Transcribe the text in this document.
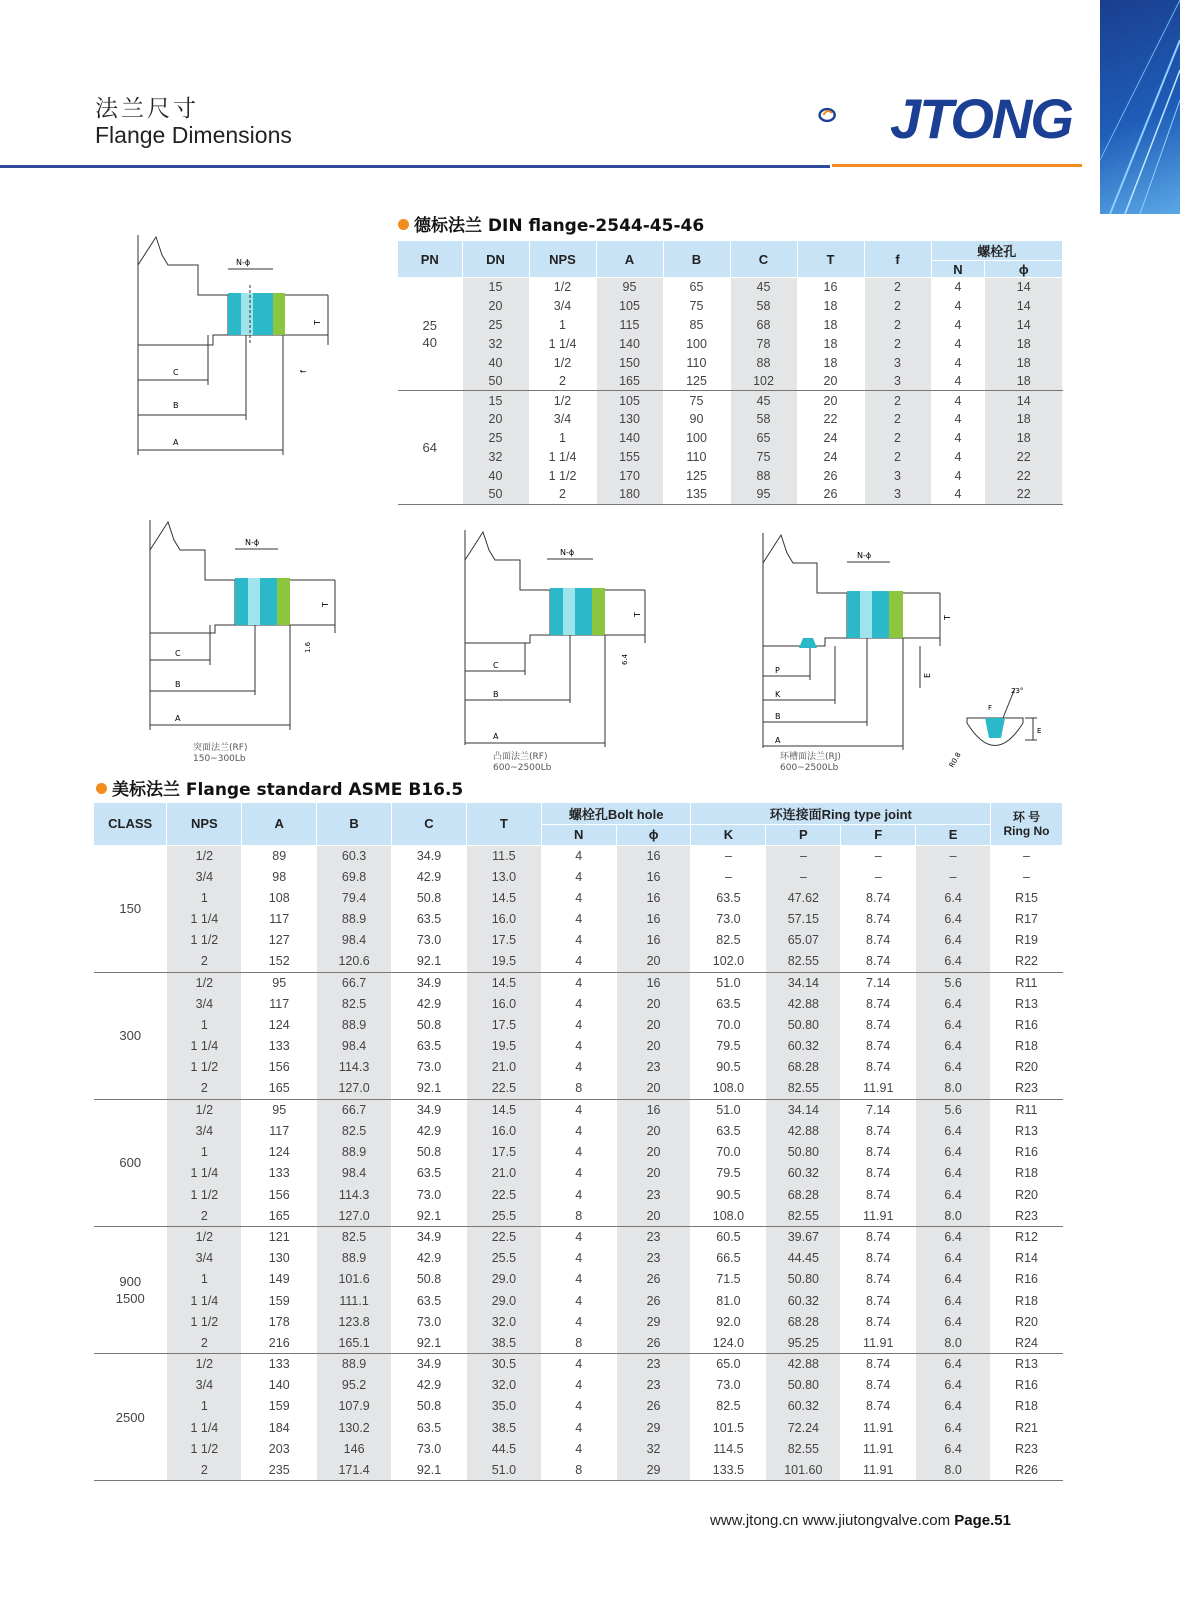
法兰尺寸
Flange Dimensions	JTONG
德标法兰 DIN flange-2544-45-46
N-ϕ
T
f
C
B
A
PN	DN	NPS	A	B	C	T	f	螺栓孔	
								N	ϕ

25
40	15	1/2	95	65	45	16	2	4	14
	20	3/4	105	75	58	18	2	4	14
	25	1	115	85	68	18	2	4	14
	32	1 1/4	140	100	78	18	2	4	18
	40	1/2	150	110	88	18	3	4	18
	50	2	165	125	102	20	3	4	18

64	15	1/2	105	75	45	20	2	4	14
	20	3/4	130	90	58	22	2	4	18
	25	1	140	100	65	24	2	4	18
	32	1 1/4	155	110	75	24	2	4	22
	40	1 1/2	170	125	88	26	3	4	22
	50	2	180	135	95	26	3	4	22
N-ϕ
T
1.6
C
B
A
突面法兰(RF)
150~300Lb
N-ϕ
T
6.4
C
B
A
凸面法兰(RF)
600~2500Lb
N-ϕ
T
E
P
K
B
A
F
23°
E
R0.8
环槽面法兰(RJ)
600~2500Lb
美标法兰 Flange standard ASME B16.5
CLASS	NPS	A	B	C	T	螺栓孔Bolt hole		环连接面Ring type joint				环 号
Ring No

						N	ϕ	K	P	F	E	

150	1/2	89	60.3	34.9	11.5	4	16	–	–	–	–	–
	3/4	98	69.8	42.9	13.0	4	16	–	–	–	–	–
	1	108	79.4	50.8	14.5	4	16	63.5	47.62	8.74	6.4	R15
	1 1/4	117	88.9	63.5	16.0	4	16	73.0	57.15	8.74	6.4	R17
	1 1/2	127	98.4	73.0	17.5	4	16	82.5	65.07	8.74	6.4	R19
	2	152	120.6	92.1	19.5	4	20	102.0	82.55	8.74	6.4	R22

300	1/2	95	66.7	34.9	14.5	4	16	51.0	34.14	7.14	5.6	R11
	3/4	117	82.5	42.9	16.0	4	20	63.5	42.88	8.74	6.4	R13
	1	124	88.9	50.8	17.5	4	20	70.0	50.80	8.74	6.4	R16
	1 1/4	133	98.4	63.5	19.5	4	20	79.5	60.32	8.74	6.4	R18
	1 1/2	156	114.3	73.0	21.0	4	23	90.5	68.28	8.74	6.4	R20
	2	165	127.0	92.1	22.5	8	20	108.0	82.55	11.91	8.0	R23

600	1/2	95	66.7	34.9	14.5	4	16	51.0	34.14	7.14	5.6	R11
	3/4	117	82.5	42.9	16.0	4	20	63.5	42.88	8.74	6.4	R13
	1	124	88.9	50.8	17.5	4	20	70.0	50.80	8.74	6.4	R16
	1 1/4	133	98.4	63.5	21.0	4	20	79.5	60.32	8.74	6.4	R18
	1 1/2	156	114.3	73.0	22.5	4	23	90.5	68.28	8.74	6.4	R20
	2	165	127.0	92.1	25.5	8	20	108.0	82.55	11.91	8.0	R23

900
1500	1/2	121	82.5	34.9	22.5	4	23	60.5	39.67	8.74	6.4	R12
	3/4	130	88.9	42.9	25.5	4	23	66.5	44.45	8.74	6.4	R14
	1	149	101.6	50.8	29.0	4	26	71.5	50.80	8.74	6.4	R16
	1 1/4	159	111.1	63.5	29.0	4	26	81.0	60.32	8.74	6.4	R18
	1 1/2	178	123.8	73.0	32.0	4	29	92.0	68.28	8.74	6.4	R20
	2	216	165.1	92.1	38.5	8	26	124.0	95.25	11.91	8.0	R24

2500	1/2	133	88.9	34.9	30.5	4	23	65.0	42.88	8.74	6.4	R13
	3/4	140	95.2	42.9	32.0	4	23	73.0	50.80	8.74	6.4	R16
	1	159	107.9	50.8	35.0	4	26	82.5	60.32	8.74	6.4	R18
	1 1/4	184	130.2	63.5	38.5	4	29	101.5	72.24	11.91	6.4	R21
	1 1/2	203	146	73.0	44.5	4	32	114.5	82.55	11.91	6.4	R23
	2	235	171.4	92.1	51.0	8	29	133.5	101.60	11.91	8.0	R26
www.jtong.cn www.jiutongvalve.com Page.51
